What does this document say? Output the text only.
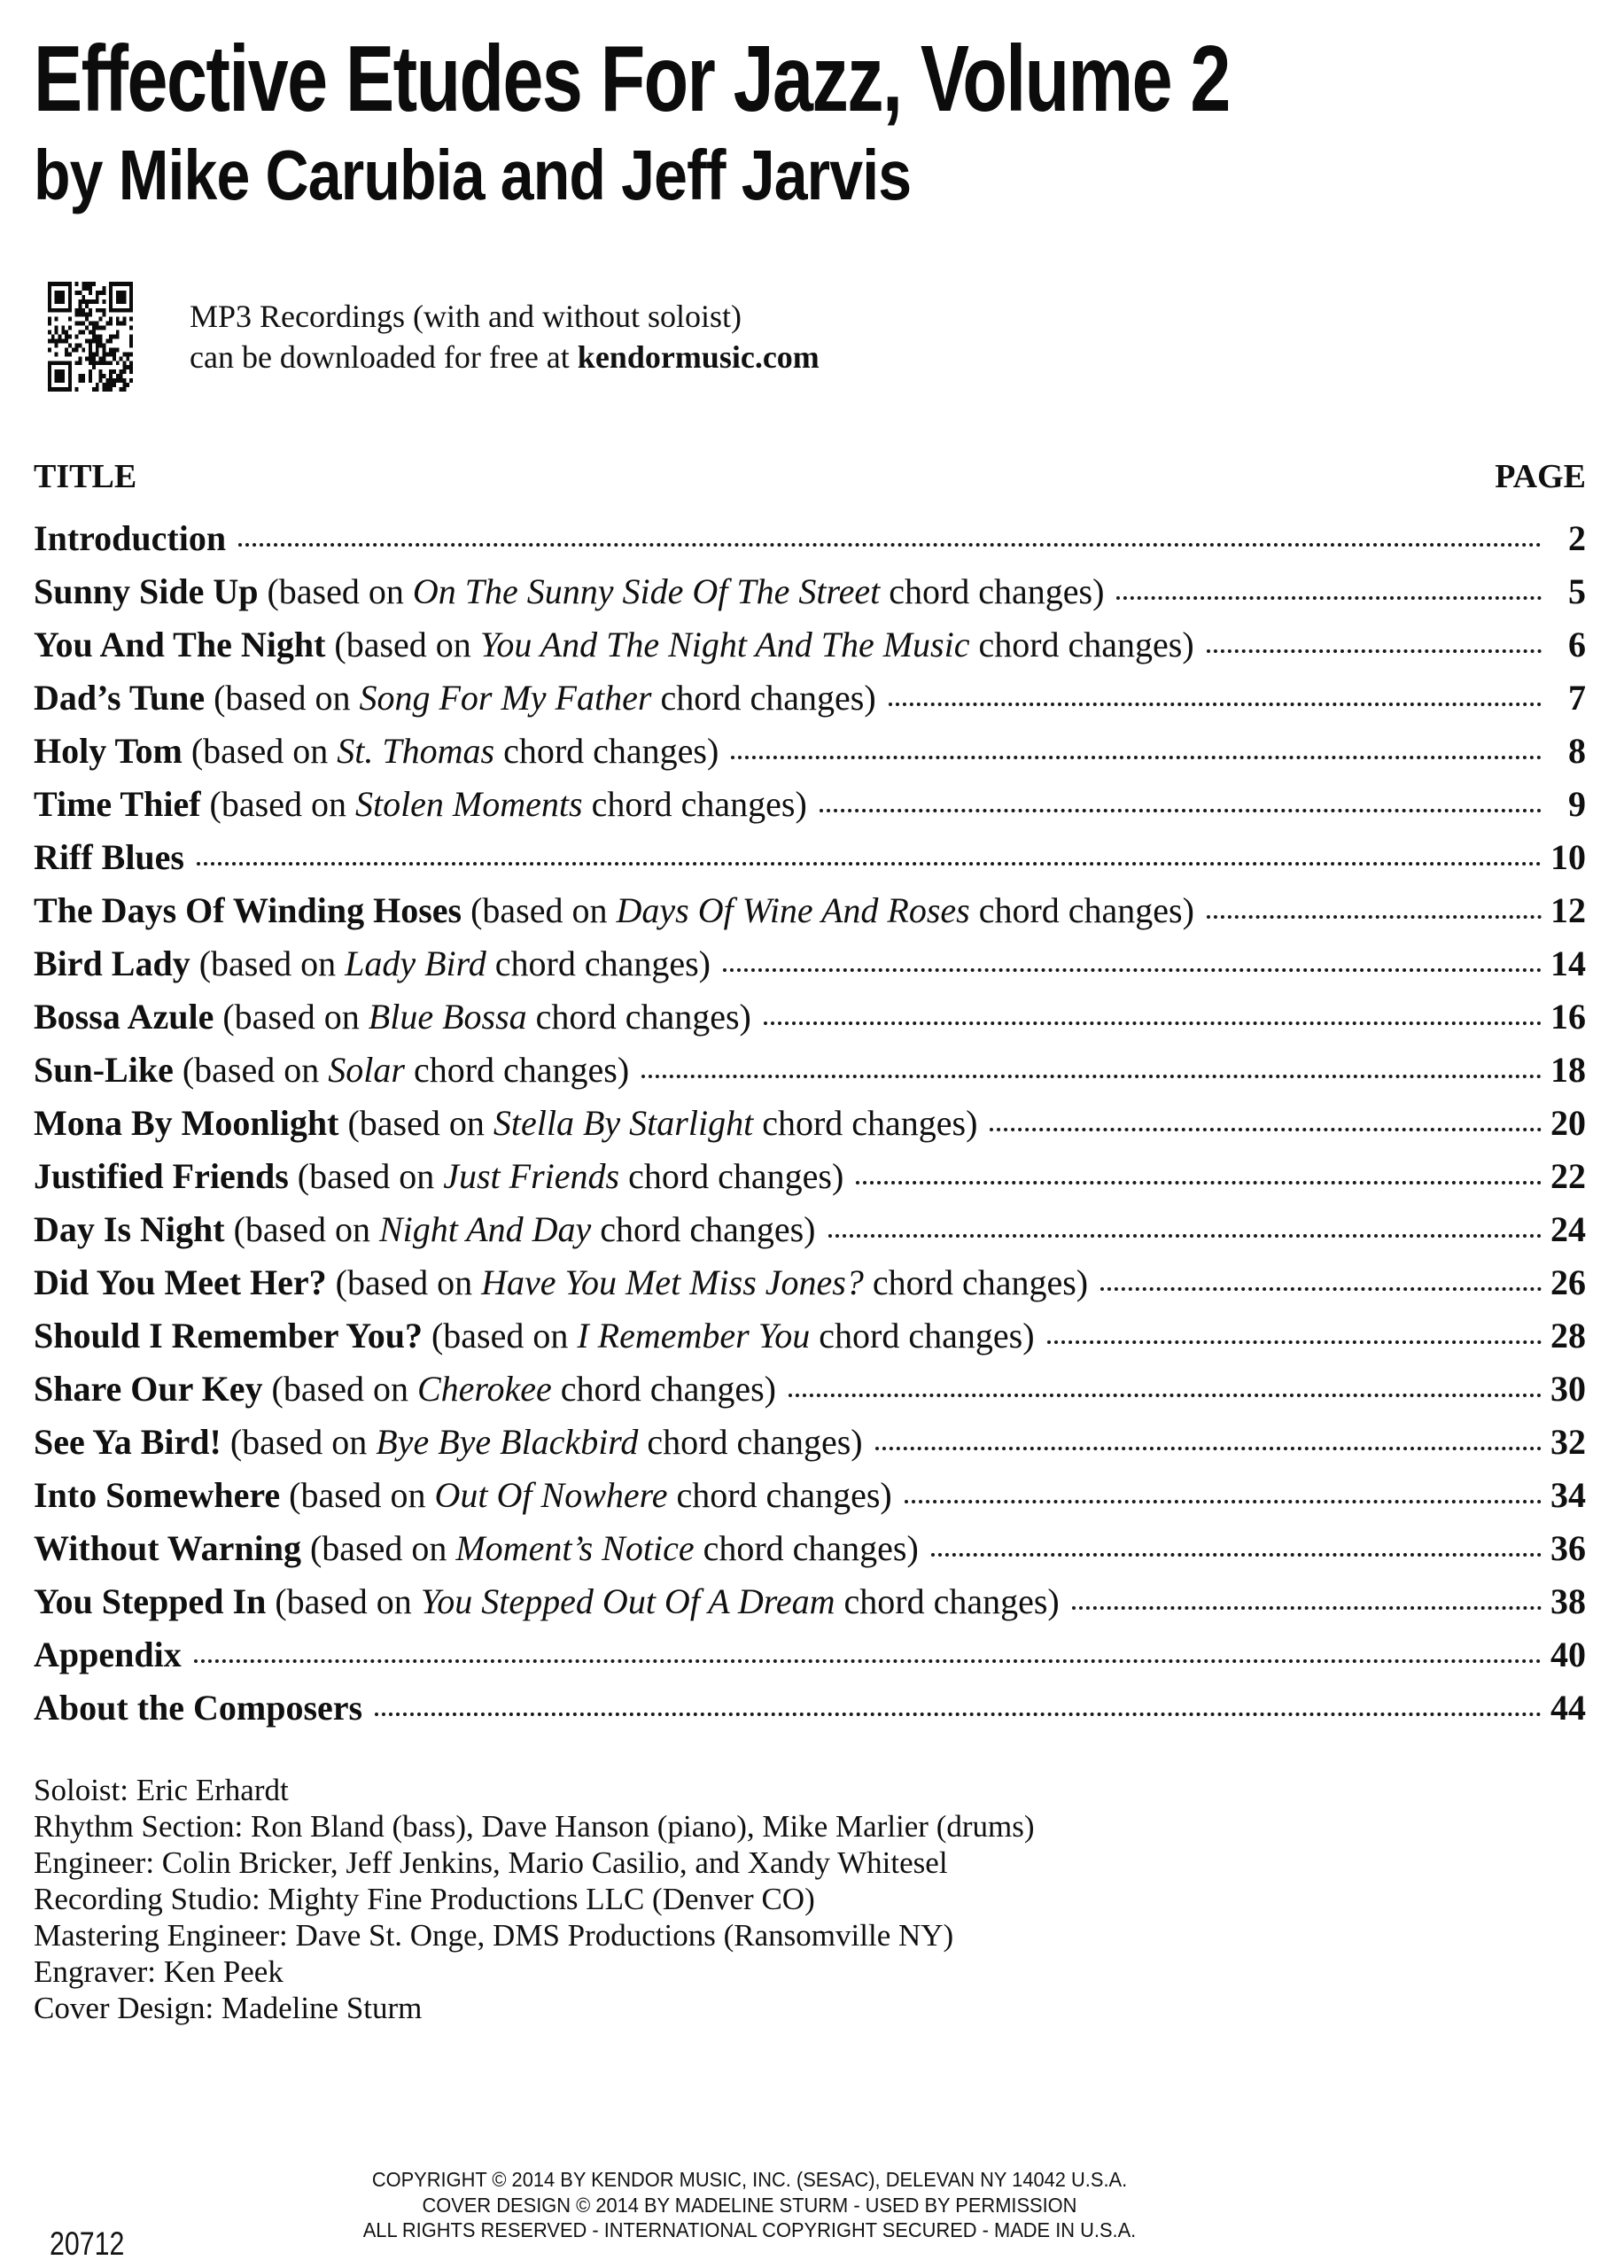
Effective Etudes For Jazz, Volume 2
by Mike Carubia and Jeff Jarvis
MP3 Recordings (with and without soloist)
can be downloaded for free at kendormusic.com
TITLE	PAGE
Introduction	2
Sunny Side Up (based on On The Sunny Side Of The Street chord changes)	5
You And The Night (based on You And The Night And The Music chord changes)	6
Dad’s Tune (based on Song For My Father chord changes)	7
Holy Tom (based on St. Thomas chord changes)	8
Time Thief (based on Stolen Moments chord changes)	9
Riff Blues	10
The Days Of Winding Hoses (based on Days Of Wine And Roses chord changes)	12
Bird Lady (based on Lady Bird chord changes)	14
Bossa Azule (based on Blue Bossa chord changes)	16
Sun-Like (based on Solar chord changes)	18
Mona By Moonlight (based on Stella By Starlight chord changes)	20
Justified Friends (based on Just Friends chord changes)	22
Day Is Night (based on Night And Day chord changes)	24
Did You Meet Her? (based on Have You Met Miss Jones? chord changes)	26
Should I Remember You? (based on I Remember You chord changes)	28
Share Our Key (based on Cherokee chord changes)	30
See Ya Bird! (based on Bye Bye Blackbird chord changes)	32
Into Somewhere (based on Out Of Nowhere chord changes)	34
Without Warning (based on Moment’s Notice chord changes)	36
You Stepped In (based on You Stepped Out Of A Dream chord changes)	38
Appendix	40
About the Composers	44
Soloist: Eric Erhardt
Rhythm Section: Ron Bland (bass), Dave Hanson (piano), Mike Marlier (drums)
Engineer: Colin Bricker, Jeff Jenkins, Mario Casilio, and Xandy Whitesel
Recording Studio: Mighty Fine Productions LLC (Denver CO)
Mastering Engineer: Dave St. Onge, DMS Productions (Ransomville NY)
Engraver: Ken Peek
Cover Design: Madeline Sturm
COPYRIGHT © 2014 BY KENDOR MUSIC, INC. (SESAC), DELEVAN NY 14042 U.S.A.
COVER DESIGN © 2014 BY MADELINE STURM - USED BY PERMISSION
ALL RIGHTS RESERVED - INTERNATIONAL COPYRIGHT SECURED - MADE IN U.S.A.
20712
